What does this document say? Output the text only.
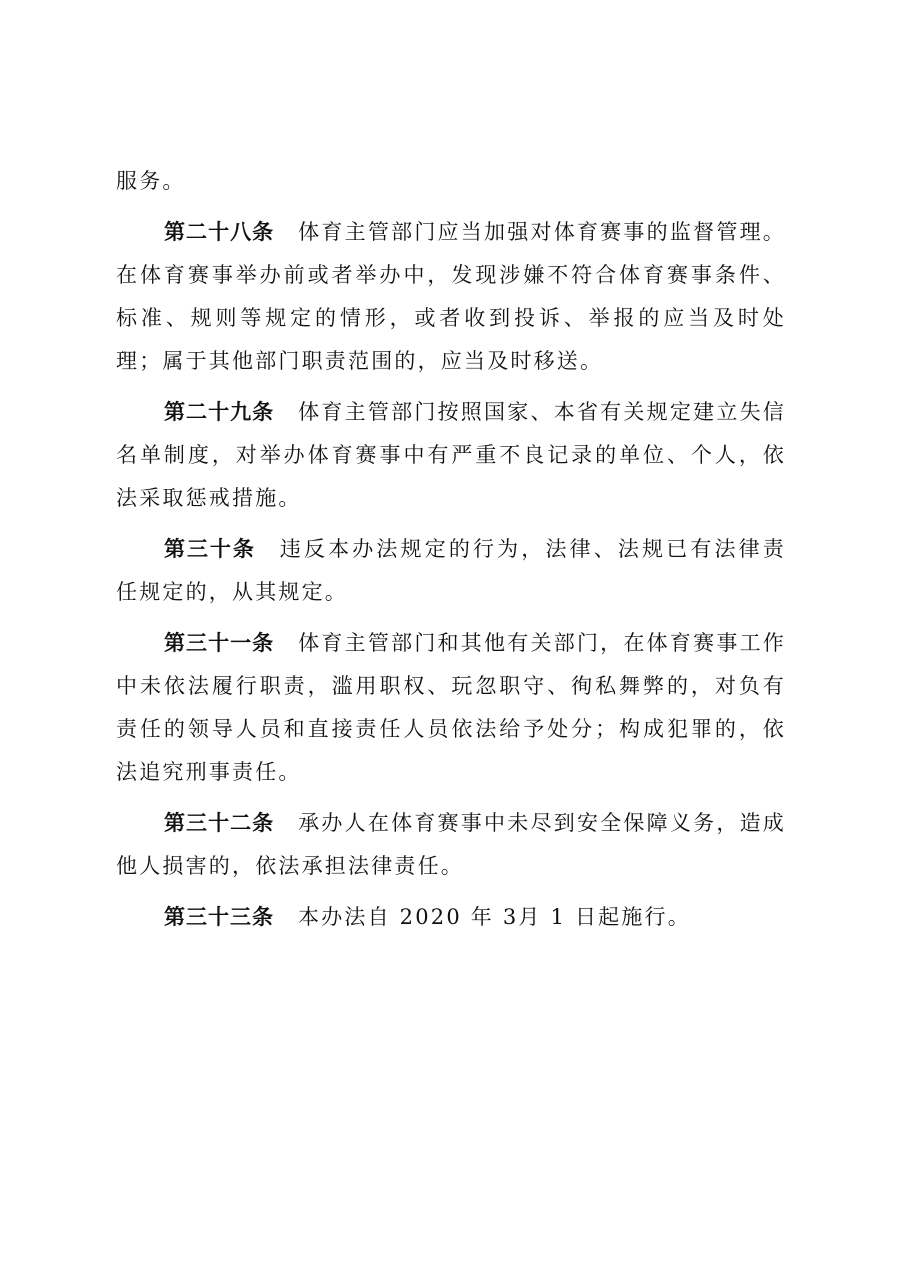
服务。

第二十八条 体育主管部门应当加强对体育赛事的监督管理。在体育赛事举办前或者举办中，发现涉嫌不符合体育赛事条件、标准、规则等规定的情形，或者收到投诉、举报的应当及时处理；属于其他部门职责范围的，应当及时移送。

第二十九条 体育主管部门按照国家、本省有关规定建立失信名单制度，对举办体育赛事中有严重不良记录的单位、个人，依法采取惩戒措施。

第三十条 违反本办法规定的行为，法律、法规已有法律责任规定的，从其规定。

第三十一条 体育主管部门和其他有关部门，在体育赛事工作中未依法履行职责，滥用职权、玩忽职守、徇私舞弊的，对负有责任的领导人员和直接责任人员依法给予处分；构成犯罪的，依法追究刑事责任。

第三十二条 承办人在体育赛事中未尽到安全保障义务，造成他人损害的，依法承担法律责任。

第三十三条 本办法自 2020 年 3月 1 日起施行。
